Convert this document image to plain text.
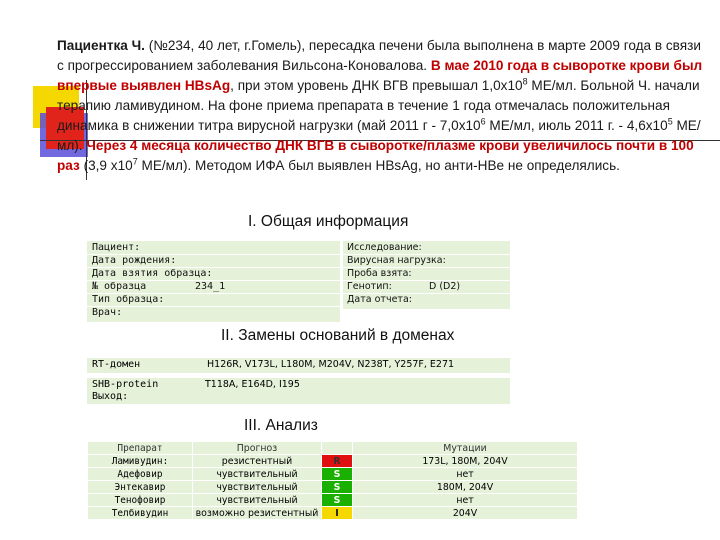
Пациентка Ч. (№234, 40 лет, г.Гомель), пересадка печени была выполнена в марте 2009 года в связи с прогрессированием заболевания Вильсона-Коновалова. В мае 2010 года в сыворотке крови был впервые выявлен HBsAg, при этом уровень ДНК ВГВ превышал $1,0х10^8$ МЕ/мл. Больной Ч. начали терапию ламивудином. На фоне приема препарата в течение 1 года отмечалась положительная динамика в снижении титра вирусной нагрузки (май 2011 г - $7,0х10^6$ МЕ/мл, июль 2011 г. - $4,6х10^5$ МЕ/мл). Через 4 месяца количество ДНК ВГВ в сыворотке/плазме крови увеличилось почти в 100 раз (3,9 $х10^7$ МЕ/мл). Методом ИФА был выявлен HBsAg, но анти-HBe не определялись.
I. Общая информация
Пациент:
Дата рождения:
Дата взятия образца:
№ образца	234_1
Тип образца:
Врач:
Исследование:
Вирусная нагрузка:
Проба взята:
Генотип:	D (D2)
Дата отчета:
II. Замены оснований в доменах
RT-домен	H126R, V173L, L180M, M204V, N238T, Y257F, E271
SHB-protein	T118A, E164D, I195
Выход:
III. Анализ
Препарат	Прогноз		Мутации
Ламивудин:	резистентный	R	173L, 180M, 204V
Адефовир	чувствительный	S	нет
Энтекавир	чувствительный	S	180M, 204V
Тенофовир	чувствительный	S	нет
Телбивудин	возможно резистентный	I	204V
